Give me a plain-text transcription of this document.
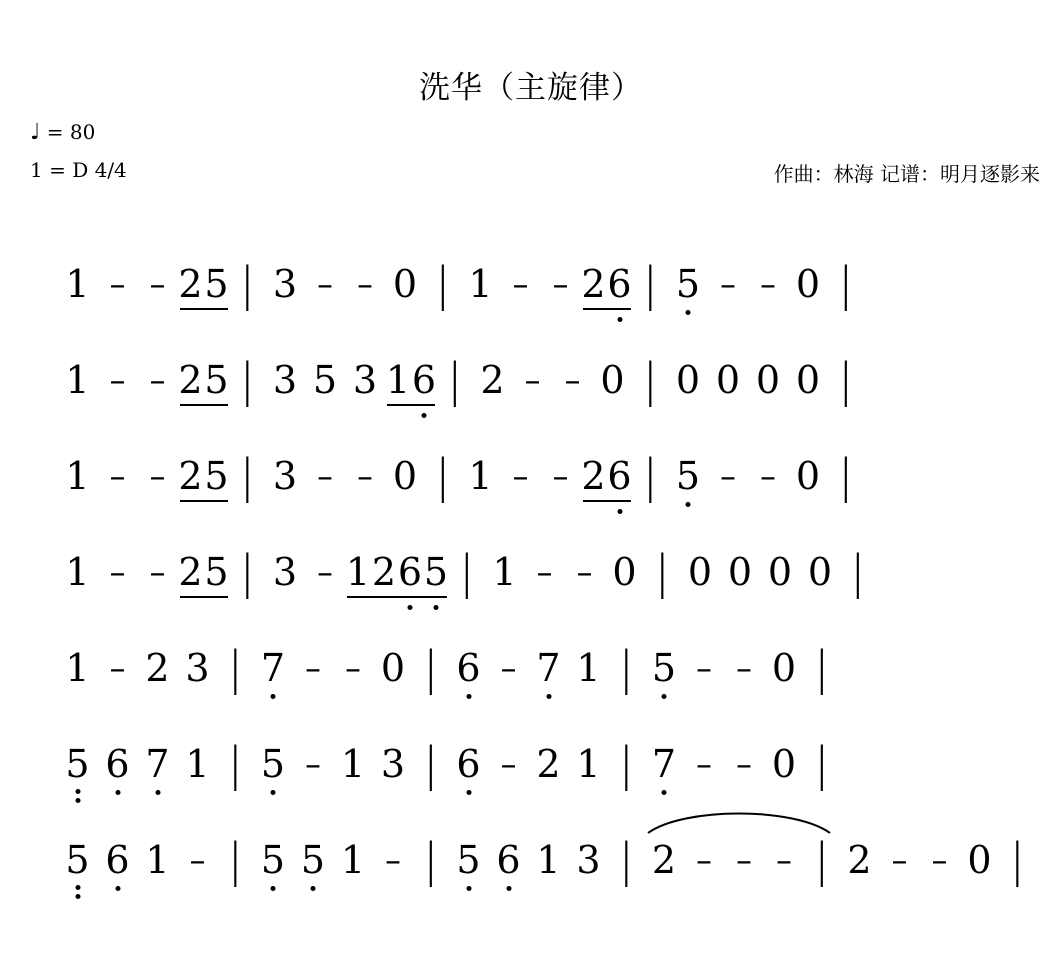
洗华（主旋律）
♩ = 80
1 = D 4/4	作曲：林海 记谱：明月逐影来
1 – – 2 5 | 3 – – 0 | 1 – – 2 6 | 5 – – 0 |
1 – – 2 5 | 3 5 3 1 6 | 2 – – 0 | 0 0 0 0 |
1 – – 2 5 | 3 – – 0 | 1 – – 2 6 | 5 – – 0 |
1 – – 2 5 | 3 – 1 2 6 5 | 1 – – 0 | 0 0 0 0 |
1 – 2 3 | 7 – – 0 | 6 – 7 1 | 5 – – 0 |
5 6 7 1 | 5 – 1 3 | 6 – 2 1 | 7 – – 0 |
5 6 1 – | 5 5 1 – | 5 6 1 3 | 2 – – – | 2 – – 0 |
